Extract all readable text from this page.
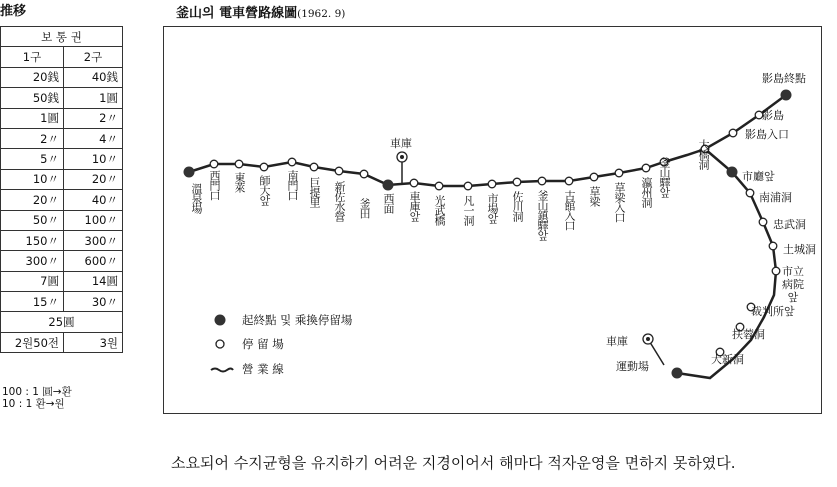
推移
보 통 권	
1구	2구
20銭	40銭
50銭	1圓
1圓	2〃
2〃	4〃
5〃	10〃
10〃	20〃
20〃	40〃
50〃	100〃
150〃	300〃
300〃	600〃
7圓	14圓
15〃	30〃
25圓	
2원50전	3원
100 : 1 圓→환
10 : 1 환→원
釜山의 電車營路線圖(1962. 9)
車庫
車庫
溫泉場 西門口 東萊 師大앞 南門口 巨提里 新佐水營 釜田 西面 車庫앞 光武橋 凡一洞 市場앞 佐川洞 釜山鎮驛앞 古館入口 草梁 草梁入口 瀛州洞 釜山驛앞
大橋洞
影島終點
影島
影島入口
市廳앞
南浦洞
忠武洞
土城洞
市立病院앞
裁判所앞
扶蓉洞
大新洞
運動場
起終點 및 乘換停留場
停 留 場
營 業 線
소요되어 수지균형을 유지하기 어려운 지경이어서 해마다 적자운영을 면하지 못하였다.
